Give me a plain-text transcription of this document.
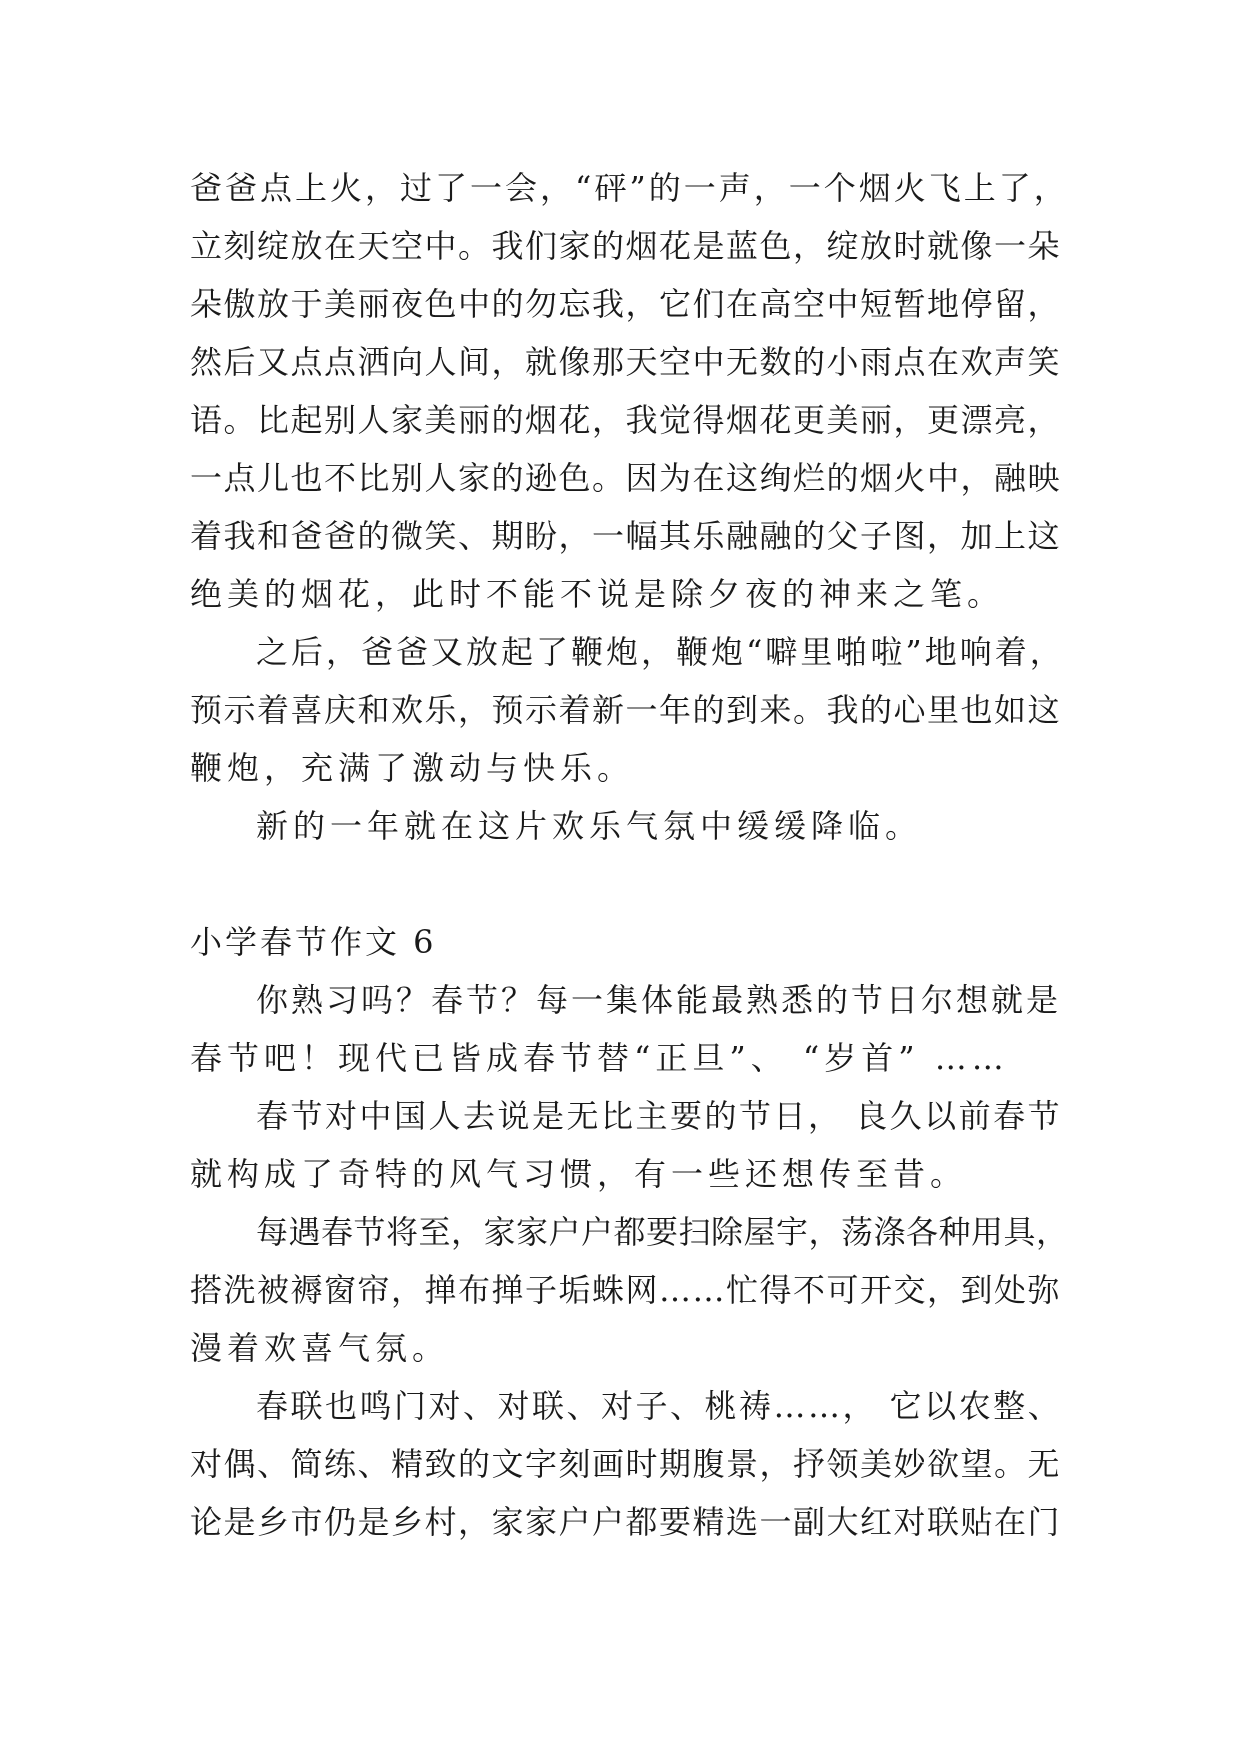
爸爸点上火，过了一会，“砰”的一声，一个烟火飞上了，
立刻绽放在天空中。我们家的烟花是蓝色，绽放时就像一朵
朵傲放于美丽夜色中的勿忘我，它们在高空中短暂地停留，
然后又点点洒向人间，就像那天空中无数的小雨点在欢声笑
语。比起别人家美丽的烟花，我觉得烟花更美丽，更漂亮，
一点儿也不比别人家的逊色。因为在这绚烂的烟火中，融映
着我和爸爸的微笑、期盼，一幅其乐融融的父子图，加上这
绝美的烟花，此时不能不说是除夕夜的神来之笔。
之后，爸爸又放起了鞭炮，鞭炮“噼里啪啦”地响着，
预示着喜庆和欢乐，预示着新一年的到来。我的心里也如这
鞭炮，充满了激动与快乐。
新的一年就在这片欢乐气氛中缓缓降临。
小学春节作文 6
你熟习吗？春节？每一集体能最熟悉的节日尔想就是
春节吧！现代已皆成春节替“正旦”、 “岁首” ……
春节对中国人去说是无比主要的节日， 良久以前春节
就构成了奇特的风气习惯，有一些还想传至昔。
每遇春节将至，家家户户都要扫除屋宇，荡涤各种用具，
搭洗被褥窗帘，掸布掸子垢蛛网……忙得不可开交，到处弥
漫着欢喜气氛。
春联也鸣门对、对联、对子、桃祷……， 它以农整、
对偶、简练、精致的文字刻画时期腹景，抒领美妙欲望。无
论是乡市仍是乡村，家家户户都要精选一副大红对联贴在门
